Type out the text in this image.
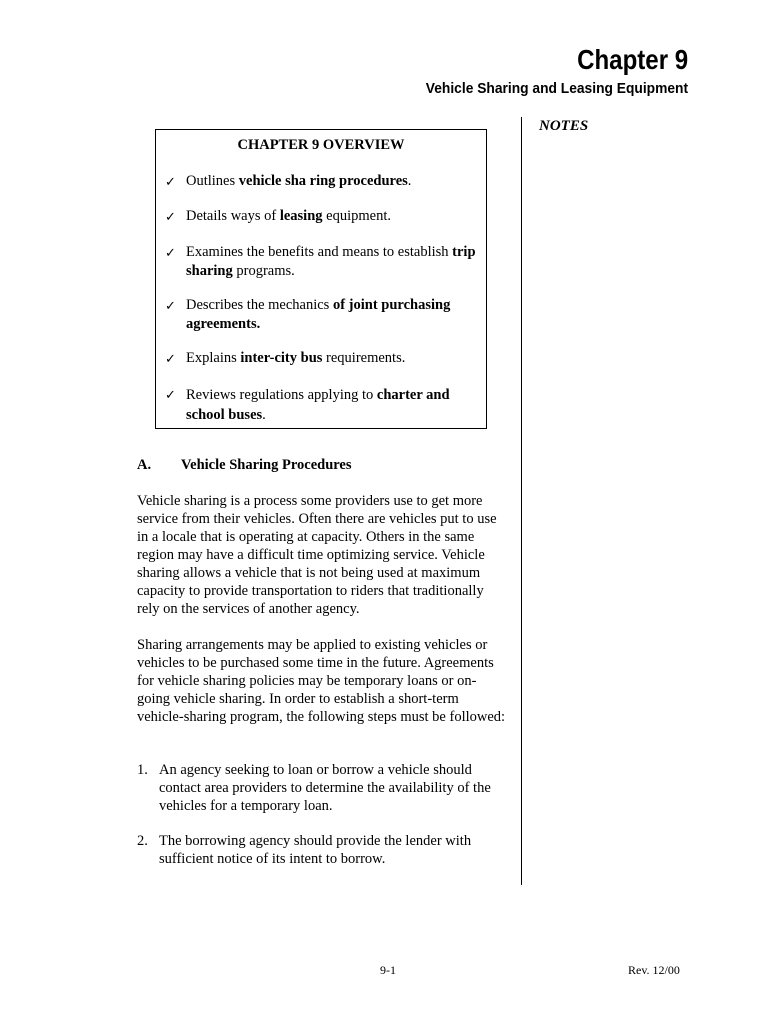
Chapter 9
Vehicle Sharing and Leasing Equipment
NOTES
CHAPTER 9 OVERVIEW
✓ Outlines vehicle sha ring procedures.
✓ Details ways of leasing equipment.
✓ Examines the benefits and means to establish trip sharing programs.
✓ Describes the mechanics of joint purchasing agreements.
✓ Explains inter-city bus requirements.
✓ Reviews regulations applying to charter and school buses.
A. Vehicle Sharing Procedures

Vehicle sharing is a process some providers use to get more service from their vehicles. Often there are vehicles put to use in a locale that is operating at capacity. Others in the same region may have a difficult time optimizing service. Vehicle sharing allows a vehicle that is not being used at maximum capacity to provide transportation to riders that traditionally rely on the services of another agency.

Sharing arrangements may be applied to existing vehicles or vehicles to be purchased some time in the future. Agreements for vehicle sharing policies may be temporary loans or on-going vehicle sharing. In order to establish a short-term vehicle-sharing program, the following steps must be followed:

1. An agency seeking to loan or borrow a vehicle should contact area providers to determine the availability of the vehicles for a temporary loan.
2. The borrowing agency should provide the lender with sufficient notice of its intent to borrow.
9-1	Rev. 12/00
